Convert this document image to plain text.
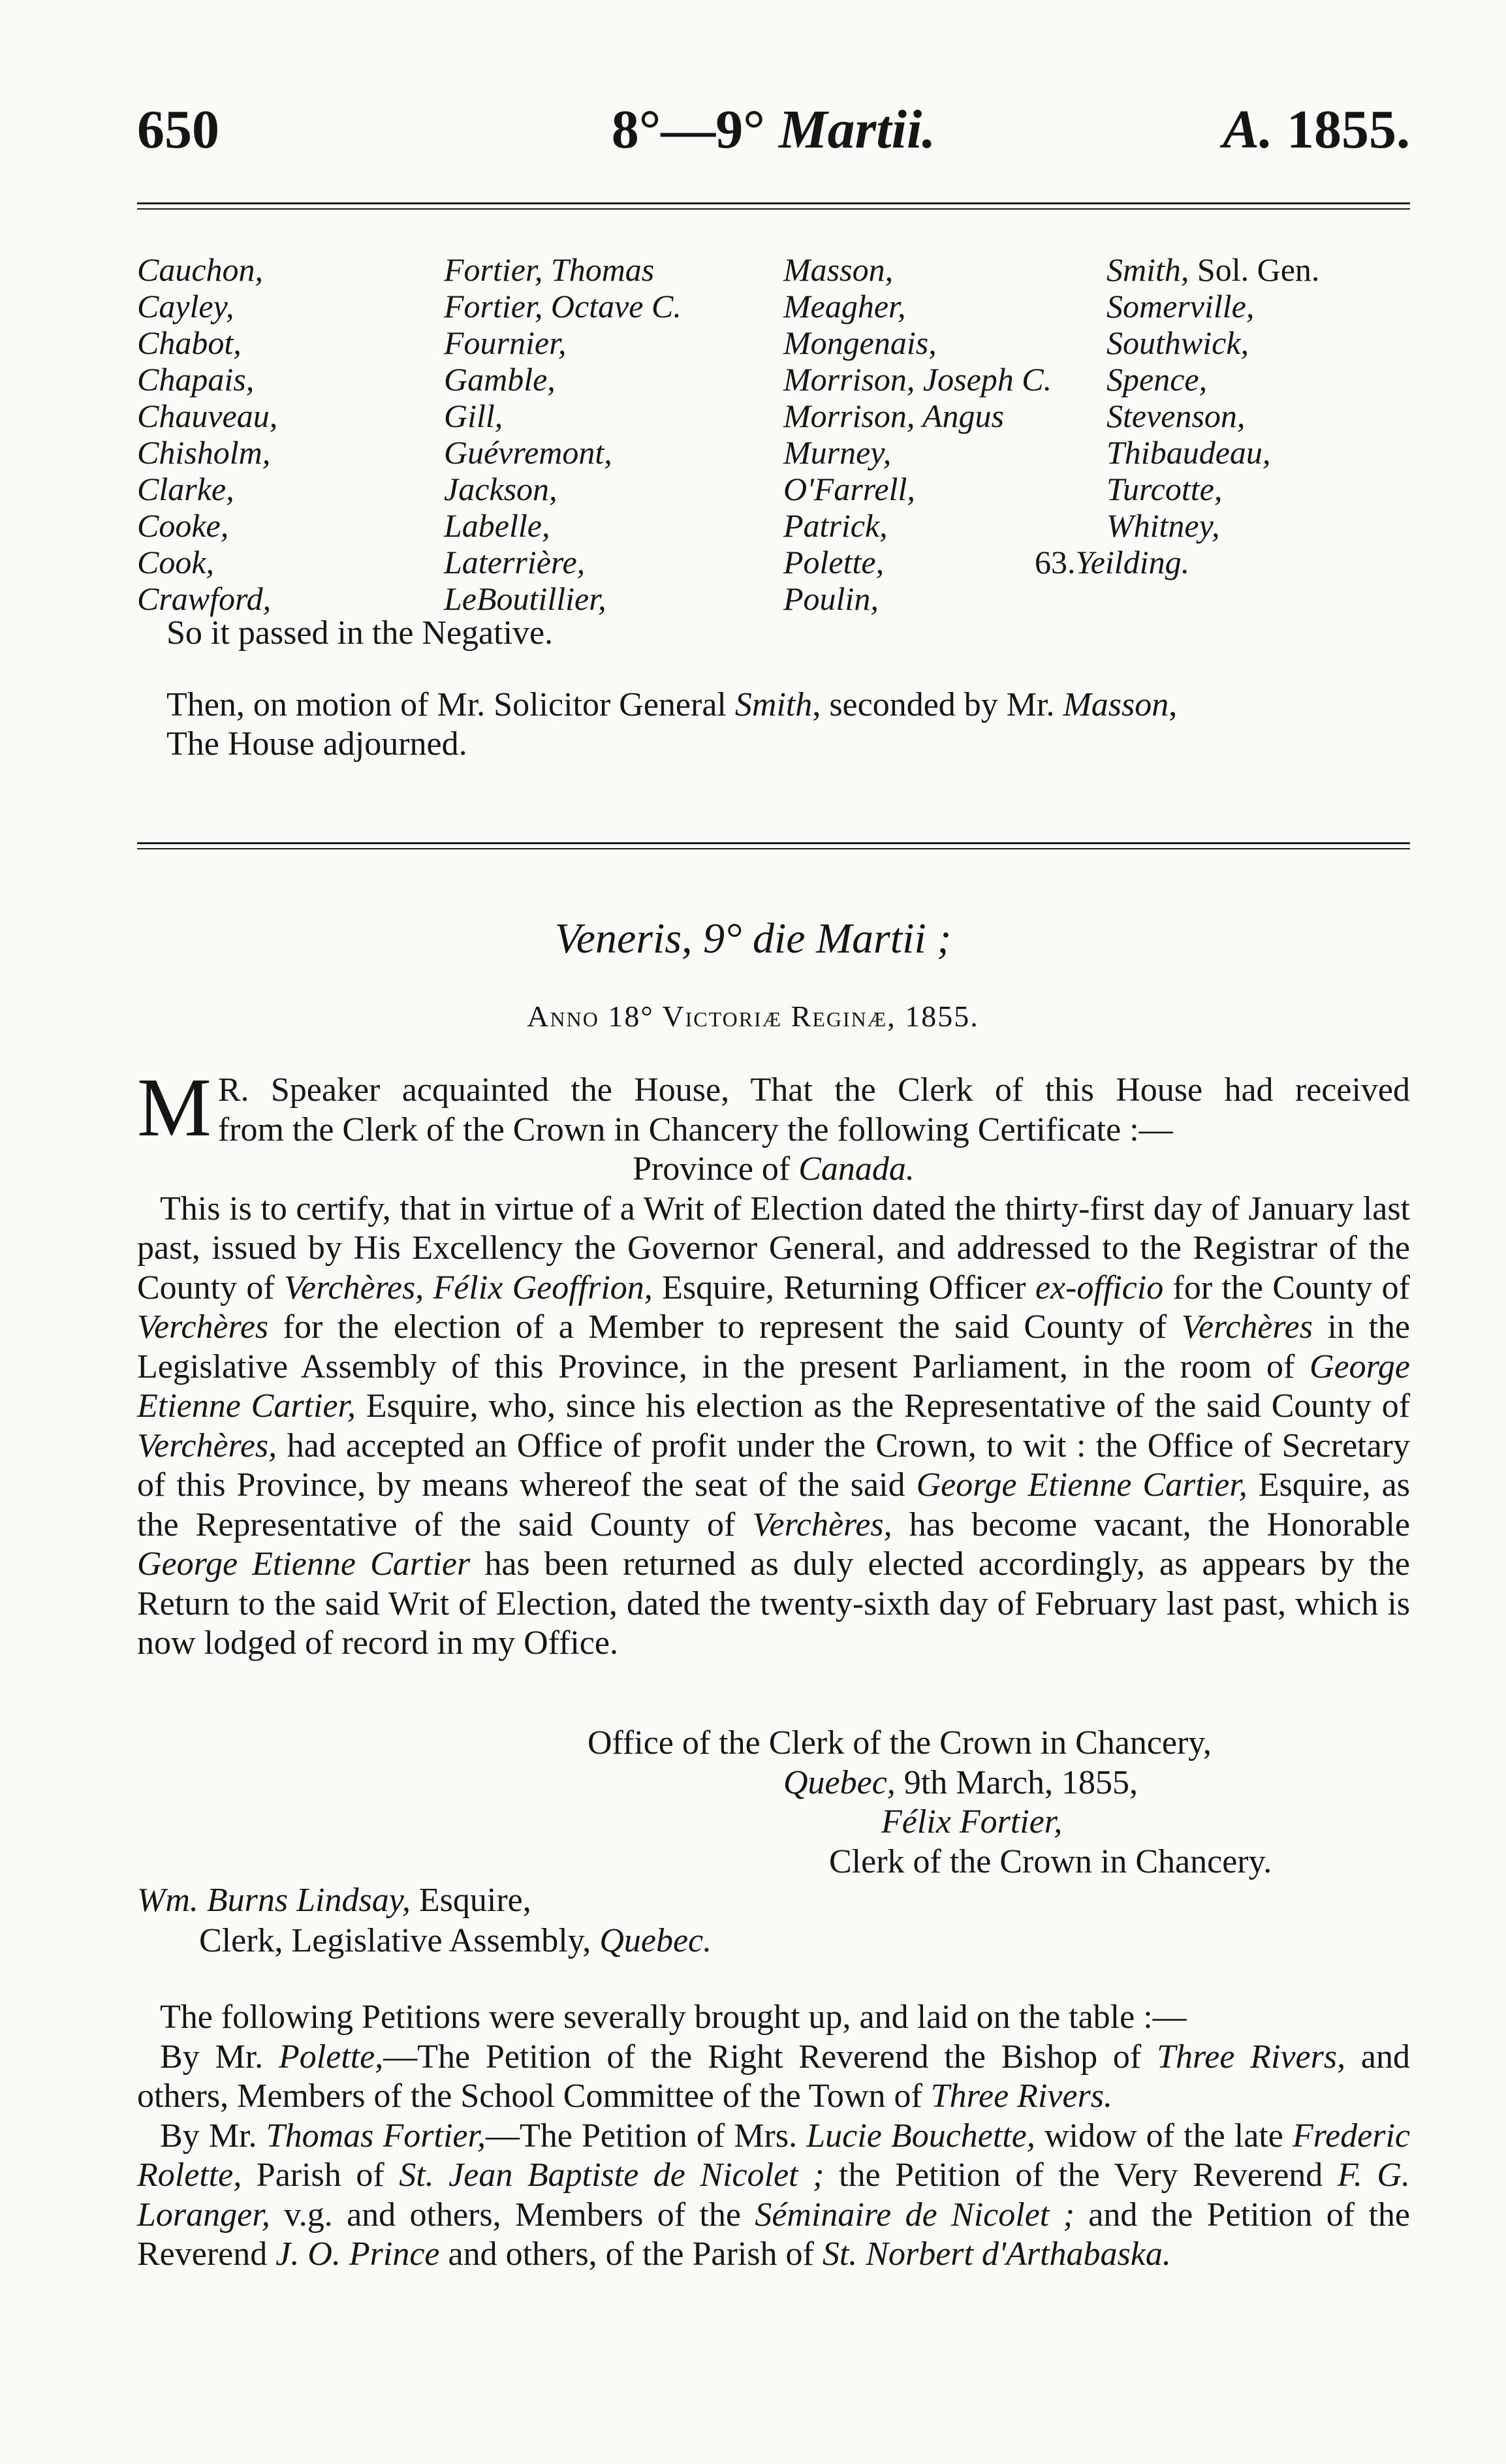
650	8°—9° Martii.	A. 1855.
Cauchon,
Cayley,
Chabot,
Chapais,
Chauveau,
Chisholm,
Clarke,
Cooke,
Cook,
Crawford,
Fortier, Thomas
Fortier, Octave C.
Fournier,
Gamble,
Gill,
Guévremont,
Jackson,
Labelle,
Laterrière,
LeBoutillier,
Masson,
Meagher,
Mongenais,
Morrison, Joseph C.
Morrison, Angus
Murney,
O'Farrell,
Patrick,
Polette,
Poulin,
Smith, Sol. Gen.
Somerville,
Southwick,
Spence,
Stevenson,
Thibaudeau,
Turcotte,
Whitney,
63.Yeilding.
So it passed in the Negative.
Then, on motion of Mr. Solicitor General Smith, seconded by Mr. Masson,
The House adjourned.
Veneris, 9° die Martii ;
Anno 18° Victoriæ Reginæ, 1855.
M R. Speaker acquainted the House, That the Clerk of this House had received
from the Clerk of the Crown in Chancery the following Certificate :—
Province of Canada.
This is to certify, that in virtue of a Writ of Election dated the thirty-first day of January last past, issued by His Excellency the Governor General, and addressed to the Registrar of the County of Verchères, Félix Geoffrion, Esquire, Returning Officer ex-officio for the County of Verchères for the election of a Member to represent the said County of Verchères in the Legislative Assembly of this Province, in the present Parliament, in the room of George Etienne Cartier, Esquire, who, since his election as the Representative of the said County of Verchères, had accepted an Office of profit under the Crown, to wit : the Office of Secretary of this Province, by means whereof the seat of the said George Etienne Cartier, Esquire, as the Representative of the said County of Verchères, has become vacant, the Honorable George Etienne Cartier has been returned as duly elected accordingly, as appears by the Return to the said Writ of Election, dated the twenty-sixth day of February last past, which is now lodged of record in my Office.
Office of the Clerk of the Crown in Chancery,
Quebec, 9th March, 1855,
Félix Fortier,
Clerk of the Crown in Chancery.
Wm. Burns Lindsay, Esquire,
Clerk, Legislative Assembly, Quebec.
The following Petitions were severally brought up, and laid on the table :—
By Mr. Polette,—The Petition of the Right Reverend the Bishop of Three Rivers, and others, Members of the School Committee of the Town of Three Rivers.
By Mr. Thomas Fortier,—The Petition of Mrs. Lucie Bouchette, widow of the late Frederic Rolette, Parish of St. Jean Baptiste de Nicolet ; the Petition of the Very Reverend F. G. Loranger, v.g. and others, Members of the Séminaire de Nicolet ; and the Petition of the Reverend J. O. Prince and others, of the Parish of St. Norbert d'Arthabaska.
